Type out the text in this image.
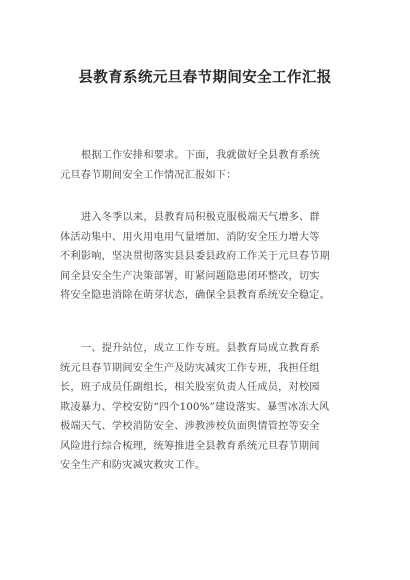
县教育系统元旦春节期间安全工作汇报
根据工作安排和要求。下面，我就做好全县教育系统
元旦春节期间安全工作情况汇报如下：
进入冬季以来，县教育局积极克服极端天气增多、群
体活动集中、用火用电用气量增加、消防安全压力增大等
不利影响，坚决贯彻落实县县委县政府工作关于元旦春节期
间全县安全生产决策部署，盯紧问题隐患闭环整改，切实
将安全隐患消除在萌芽状态，确保全县教育系统安全稳定。
一、提升站位，成立工作专班。县教育局成立教育系
统元旦春节期间安全生产及防灾减灾工作专班，我担任组
长，班子成员任副组长，相关股室负责人任成员，对校园
欺凌暴力、学校安防“四个100%”建设落实、暴雪冰冻大风
极端天气、学校消防安全、涉教涉校负面舆情管控等安全
风险进行综合梳理，统筹推进全县教育系统元旦春节期间
安全生产和防灾减灾救灾工作。
